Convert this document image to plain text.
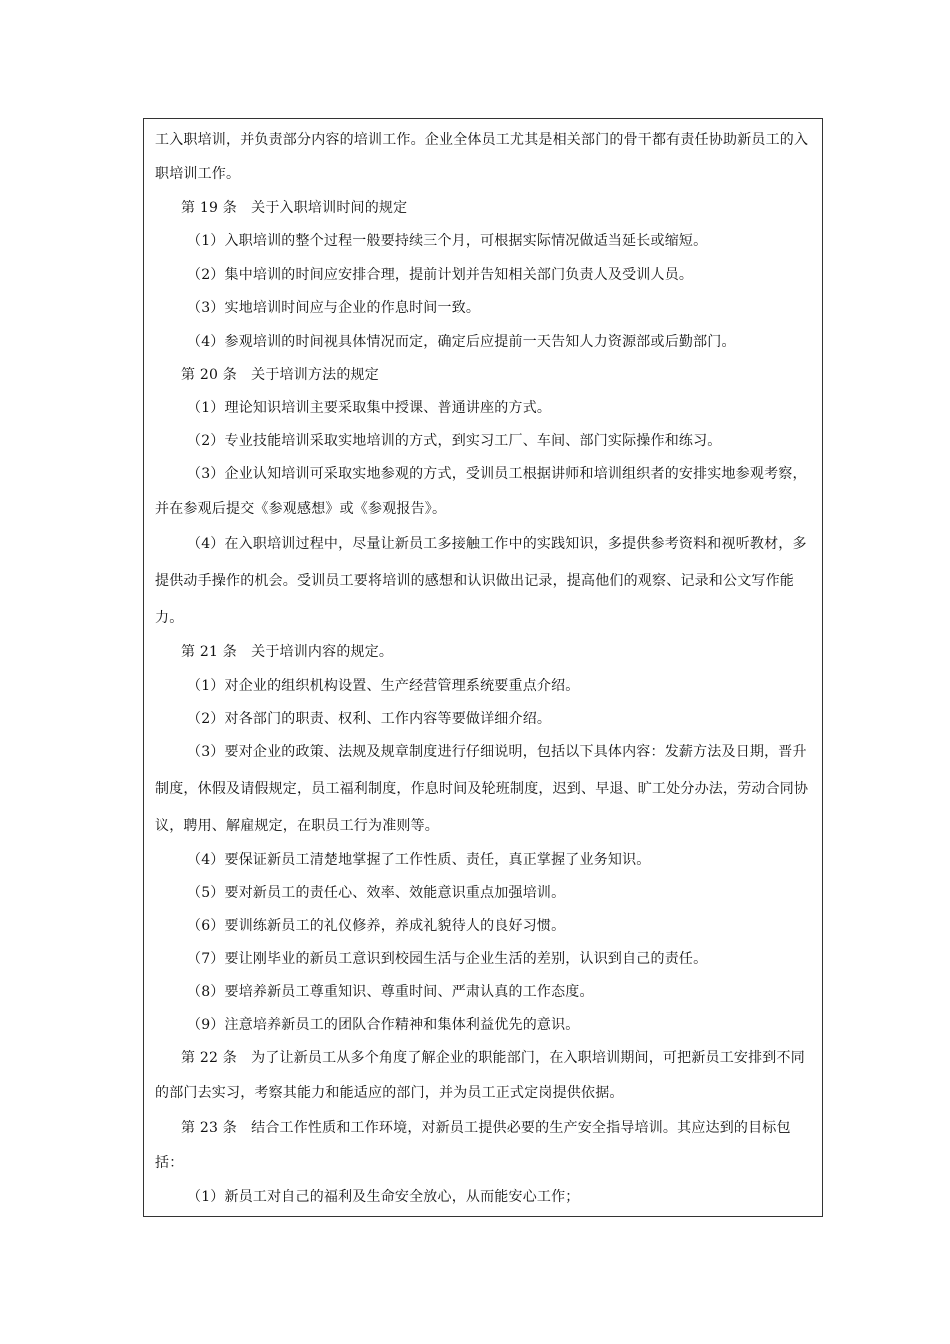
工入职培训，并负责部分内容的培训工作。企业全体员工尤其是相关部门的骨干都有责任协助新员工的入
职培训工作。
第 19 条　关于入职培训时间的规定
（1）入职培训的整个过程一般要持续三个月，可根据实际情况做适当延长或缩短。
（2）集中培训的时间应安排合理，提前计划并告知相关部门负责人及受训人员。
（3）实地培训时间应与企业的作息时间一致。
（4）参观培训的时间视具体情况而定，确定后应提前一天告知人力资源部或后勤部门。
第 20 条　关于培训方法的规定
（1）理论知识培训主要采取集中授课、普通讲座的方式。
（2）专业技能培训采取实地培训的方式，到实习工厂、车间、部门实际操作和练习。
（3）企业认知培训可采取实地参观的方式，受训员工根据讲师和培训组织者的安排实地参观考察，
并在参观后提交《参观感想》或《参观报告》。
（4）在入职培训过程中，尽量让新员工多接触工作中的实践知识，多提供参考资料和视听教材，多
提供动手操作的机会。受训员工要将培训的感想和认识做出记录，提高他们的观察、记录和公文写作能
力。
第 21 条　关于培训内容的规定。
（1）对企业的组织机构设置、生产经营管理系统要重点介绍。
（2）对各部门的职责、权利、工作内容等要做详细介绍。
（3）要对企业的政策、法规及规章制度进行仔细说明，包括以下具体内容：发薪方法及日期，晋升
制度，休假及请假规定，员工福利制度，作息时间及轮班制度，迟到、早退、旷工处分办法，劳动合同协
议，聘用、解雇规定，在职员工行为准则等。
（4）要保证新员工清楚地掌握了工作性质、责任，真正掌握了业务知识。
（5）要对新员工的责任心、效率、效能意识重点加强培训。
（6）要训练新员工的礼仪修养，养成礼貌待人的良好习惯。
（7）要让刚毕业的新员工意识到校园生活与企业生活的差别，认识到自己的责任。
（8）要培养新员工尊重知识、尊重时间、严肃认真的工作态度。
（9）注意培养新员工的团队合作精神和集体利益优先的意识。
第 22 条　为了让新员工从多个角度了解企业的职能部门，在入职培训期间，可把新员工安排到不同
的部门去实习，考察其能力和能适应的部门，并为员工正式定岗提供依据。
第 23 条　结合工作性质和工作环境，对新员工提供必要的生产安全指导培训。其应达到的目标包
括：
（1）新员工对自己的福利及生命安全放心，从而能安心工作；
